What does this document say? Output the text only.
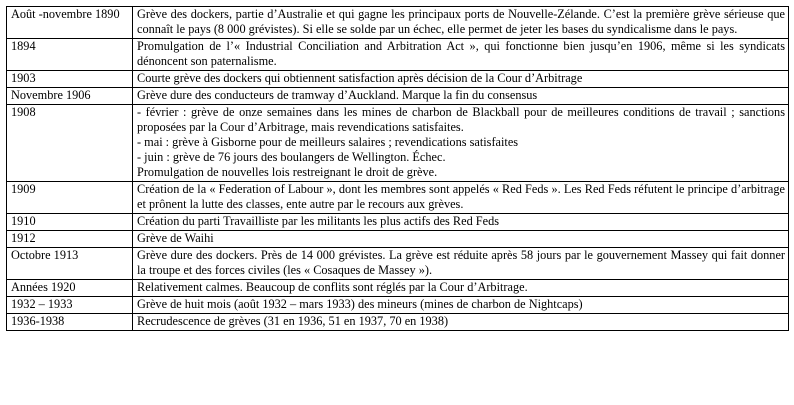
Août -novembre 1890	Grève des dockers, partie d’Australie et qui gagne les principaux ports de Nouvelle-Zélande. C’est la première grève sérieuse que connaît le pays (8 000 grévistes). Si elle se solde par un échec, elle permet de jeter les bases du syndicalisme dans le pays.

1894	Promulgation de l’« Industrial Conciliation and Arbitration Act », qui fonctionne bien jusqu’en 1906, même si les syndicats dénoncent son paternalisme.

1903	Courte grève des dockers qui obtiennent satisfaction après décision de la Cour d’Arbitrage

Novembre 1906	Grève dure des conducteurs de tramway d’Auckland. Marque la fin du consensus

1908	- février : grève de onze semaines dans les mines de charbon de Blackball pour de meilleures conditions de travail ; sanctions proposées par la Cour d’Arbitrage, mais revendications satisfaites.
- mai : grève à Gisborne pour de meilleurs salaires ; revendications satisfaites
- juin : grève de 76 jours des boulangers de Wellington. Échec.
Promulgation de nouvelles lois restreignant le droit de grève.

1909	Création de la « Federation of Labour », dont les membres sont appelés « Red Feds ». Les Red Feds réfutent le principe d’arbitrage et prônent la lutte des classes, ente autre par le recours aux grèves.

1910	Création du parti Travailliste par les militants les plus actifs des Red Feds

1912	Grève de Waihi

Octobre 1913	Grève dure des dockers. Près de 14 000 grévistes. La grève est réduite après 58 jours par le gouvernement Massey qui fait donner la troupe et des forces civiles (les « Cosaques de Massey »).

Années 1920	Relativement calmes. Beaucoup de conflits sont réglés par la Cour d’Arbitrage.

1932 – 1933	Grève de huit mois (août 1932 – mars 1933) des mineurs (mines de charbon de Nightcaps)

1936-1938	Recrudescence de grèves (31 en 1936, 51 en 1937, 70 en 1938)
